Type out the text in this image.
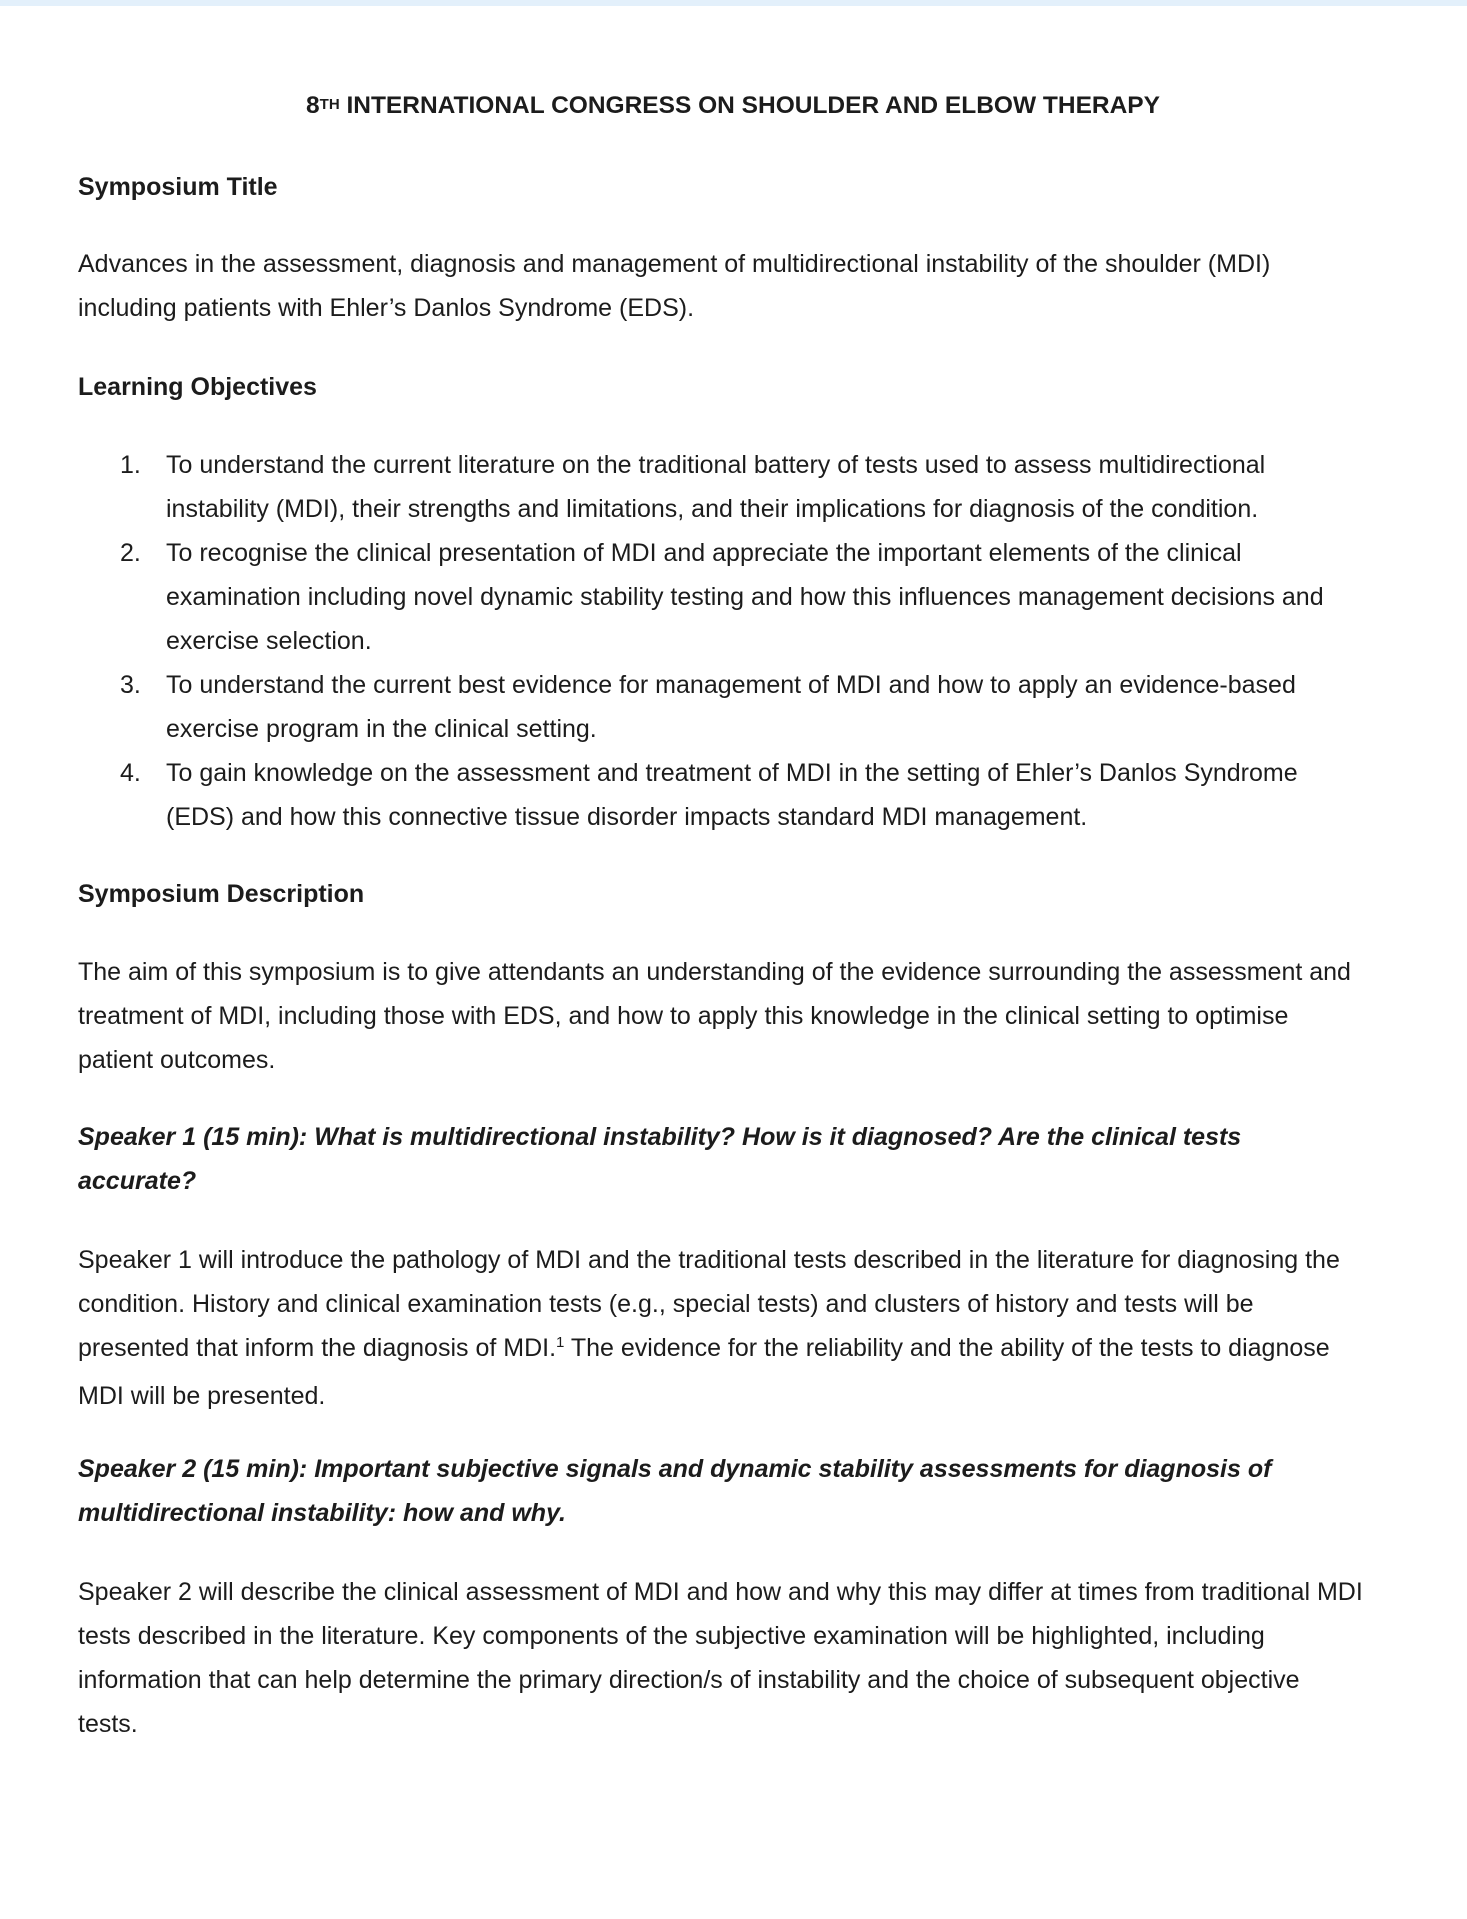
8TH INTERNATIONAL CONGRESS ON SHOULDER AND ELBOW THERAPY
Symposium Title
Advances in the assessment, diagnosis and management of multidirectional instability of the shoulder (MDI)
including patients with Ehler’s Danlos Syndrome (EDS).
Learning Objectives
1. To understand the current literature on the traditional battery of tests used to assess multidirectional
instability (MDI), their strengths and limitations, and their implications for diagnosis of the condition.
2. To recognise the clinical presentation of MDI and appreciate the important elements of the clinical
examination including novel dynamic stability testing and how this influences management decisions and
exercise selection.
3. To understand the current best evidence for management of MDI and how to apply an evidence-based
exercise program in the clinical setting.
4. To gain knowledge on the assessment and treatment of MDI in the setting of Ehler’s Danlos Syndrome
(EDS) and how this connective tissue disorder impacts standard MDI management.
Symposium Description
The aim of this symposium is to give attendants an understanding of the evidence surrounding the assessment and
treatment of MDI, including those with EDS, and how to apply this knowledge in the clinical setting to optimise
patient outcomes.
Speaker 1 (15 min): What is multidirectional instability? How is it diagnosed? Are the clinical tests
accurate?
Speaker 1 will introduce the pathology of MDI and the traditional tests described in the literature for diagnosing the
condition. History and clinical examination tests (e.g., special tests) and clusters of history and tests will be
presented that inform the diagnosis of MDI.$^1$ The evidence for the reliability and the ability of the tests to diagnose
MDI will be presented.
Speaker 2 (15 min): Important subjective signals and dynamic stability assessments for diagnosis of
multidirectional instability: how and why.
Speaker 2 will describe the clinical assessment of MDI and how and why this may differ at times from traditional MDI
tests described in the literature. Key components of the subjective examination will be highlighted, including
information that can help determine the primary direction/s of instability and the choice of subsequent objective
tests.
